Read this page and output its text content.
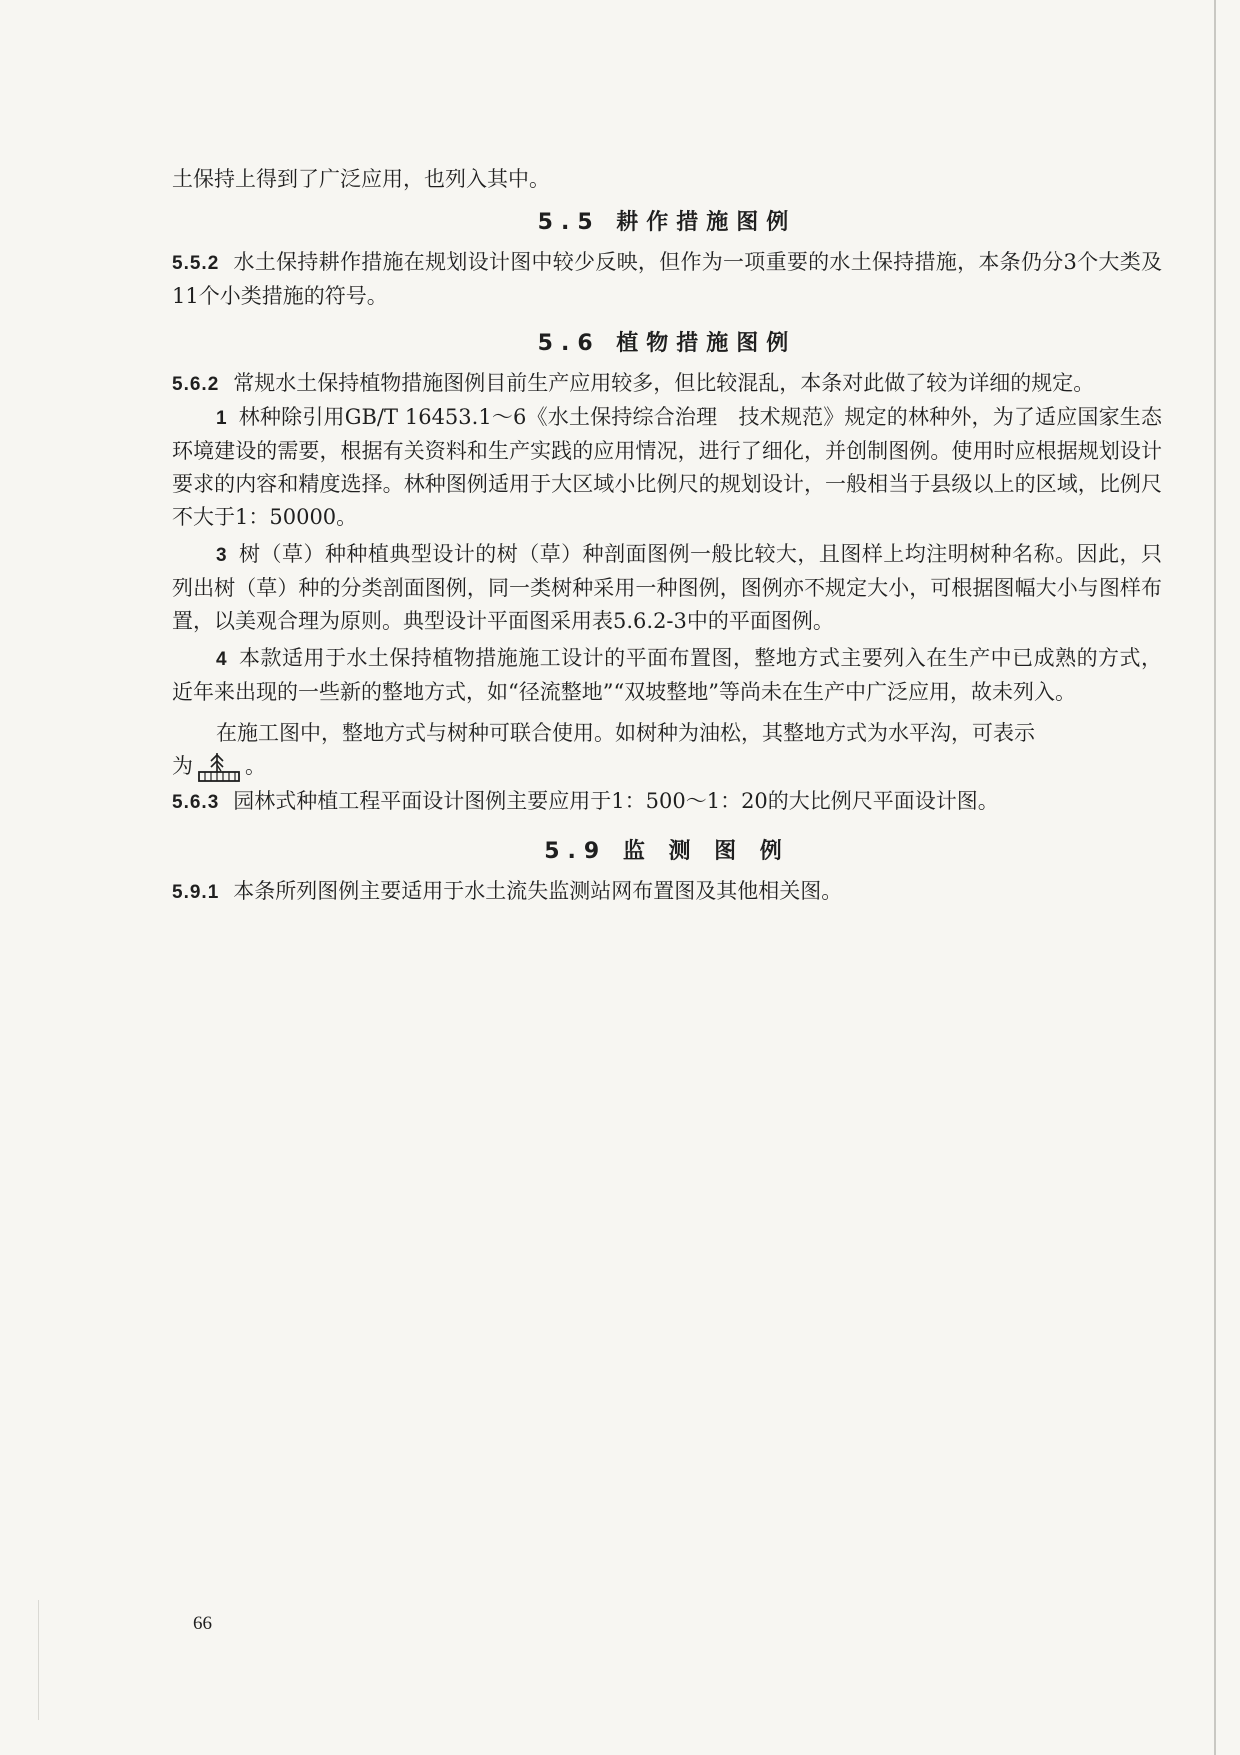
土保持上得到了广泛应用，也列入其中。

5.5 耕作措施图例

5.5.2 水土保持耕作措施在规划设计图中较少反映，但作为一项重要的水土保持措施，本条仍分3个大类及11个小类措施的符号。

5.6 植物措施图例

5.6.2 常规水土保持植物措施图例目前生产应用较多，但比较混乱，本条对此做了较为详细的规定。

1 林种除引用GB/T 16453.1～6《水土保持综合治理　技术规范》规定的林种外，为了适应国家生态环境建设的需要，根据有关资料和生产实践的应用情况，进行了细化，并创制图例。使用时应根据规划设计要求的内容和精度选择。林种图例适用于大区域小比例尺的规划设计，一般相当于县级以上的区域，比例尺不大于1：50000。

3 树（草）种种植典型设计的树（草）种剖面图例一般比较大，且图样上均注明树种名称。因此，只列出树（草）种的分类剖面图例，同一类树种采用一种图例，图例亦不规定大小，可根据图幅大小与图样布置，以美观合理为原则。典型设计平面图采用表5.6.2-3中的平面图例。

4 本款适用于水土保持植物措施施工设计的平面布置图，整地方式主要列入在生产中已成熟的方式，近年来出现的一些新的整地方式，如“径流整地”“双坡整地”等尚未在生产中广泛应用，故未列入。

在施工图中，整地方式与树种可联合使用。如树种为油松，其整地方式为水平沟，可表示

为 。

5.6.3 园林式种植工程平面设计图例主要应用于1：500～1：20的大比例尺平面设计图。

5.9 监 测 图 例

5.9.1 本条所列图例主要适用于水土流失监测站网布置图及其他相关图。

66
